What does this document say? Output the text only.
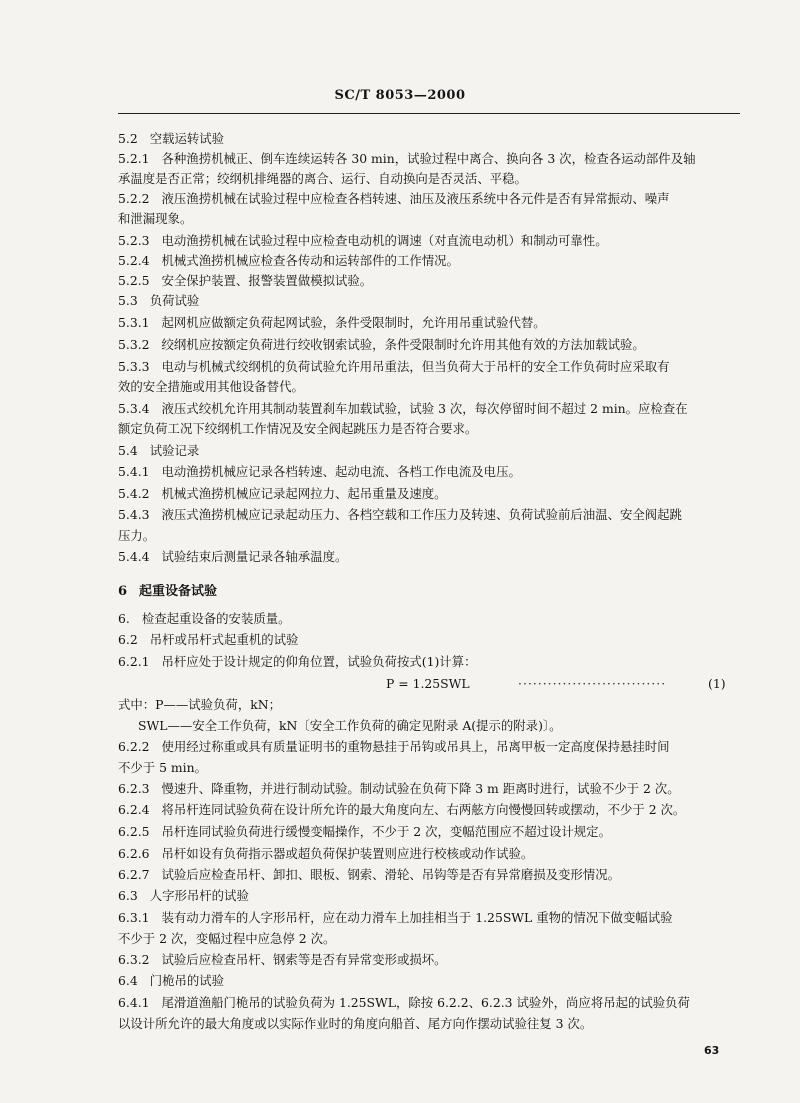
SC/T 8053—2000
5.2 空载运转试验
5.2.1 各种渔捞机械正、倒车连续运转各 30 min，试验过程中离合、换向各 3 次，检查各运动部件及轴
承温度是否正常；绞纲机排绳器的离合、运行、自动换向是否灵活、平稳。
5.2.2 液压渔捞机械在试验过程中应检查各档转速、油压及液压系统中各元件是否有异常振动、噪声
和泄漏现象。
5.2.3 电动渔捞机械在试验过程中应检查电动机的调速（对直流电动机）和制动可靠性。
5.2.4 机械式渔捞机械应检查各传动和运转部件的工作情况。
5.2.5 安全保护装置、报警装置做模拟试验。
5.3 负荷试验
5.3.1 起网机应做额定负荷起网试验，条件受限制时，允许用吊重试验代替。
5.3.2 绞纲机应按额定负荷进行绞收钢索试验，条件受限制时允许用其他有效的方法加载试验。
5.3.3 电动与机械式绞纲机的负荷试验允许用吊重法，但当负荷大于吊杆的安全工作负荷时应采取有
效的安全措施或用其他设备替代。
5.3.4 液压式绞机允许用其制动装置刹车加载试验，试验 3 次，每次停留时间不超过 2 min。应检查在
额定负荷工况下绞纲机工作情况及安全阀起跳压力是否符合要求。
5.4 试验记录
5.4.1 电动渔捞机械应记录各档转速、起动电流、各档工作电流及电压。
5.4.2 机械式渔捞机械应记录起网拉力、起吊重量及速度。
5.4.3 液压式渔捞机械应记录起动压力、各档空载和工作压力及转速、负荷试验前后油温、安全阀起跳
压力。
5.4.4 试验结束后测量记录各轴承温度。
6 起重设备试验
6. 检查起重设备的安装质量。
6.2 吊杆或吊杆式起重机的试验
6.2.1 吊杆应处于设计规定的仰角位置，试验负荷按式(1)计算：
P = 1.25SWL	······························	(1)
式中：P——试验负荷，kN；
SWL——安全工作负荷，kN〔安全工作负荷的确定见附录 A(提示的附录)〕。
6.2.2 使用经过称重或具有质量证明书的重物悬挂于吊钩或吊具上，吊离甲板一定高度保持悬挂时间
不少于 5 min。
6.2.3 慢速升、降重物，并进行制动试验。制动试验在负荷下降 3 m 距离时进行，试验不少于 2 次。
6.2.4 将吊杆连同试验负荷在设计所允许的最大角度向左、右两舷方向慢慢回转或摆动，不少于 2 次。
6.2.5 吊杆连同试验负荷进行缓慢变幅操作，不少于 2 次，变幅范围应不超过设计规定。
6.2.6 吊杆如设有负荷指示器或超负荷保护装置则应进行校核或动作试验。
6.2.7 试验后应检查吊杆、卸扣、眼板、钢索、滑轮、吊钩等是否有异常磨损及变形情况。
6.3 人字形吊杆的试验
6.3.1 装有动力滑车的人字形吊杆，应在动力滑车上加挂相当于 1.25SWL 重物的情况下做变幅试验
不少于 2 次，变幅过程中应急停 2 次。
6.3.2 试验后应检查吊杆、钢索等是否有异常变形或损坏。
6.4 门桅吊的试验
6.4.1 尾滑道渔船门桅吊的试验负荷为 1.25SWL，除按 6.2.2、6.2.3 试验外，尚应将吊起的试验负荷
以设计所允许的最大角度或以实际作业时的角度向船首、尾方向作摆动试验往复 3 次。
63
